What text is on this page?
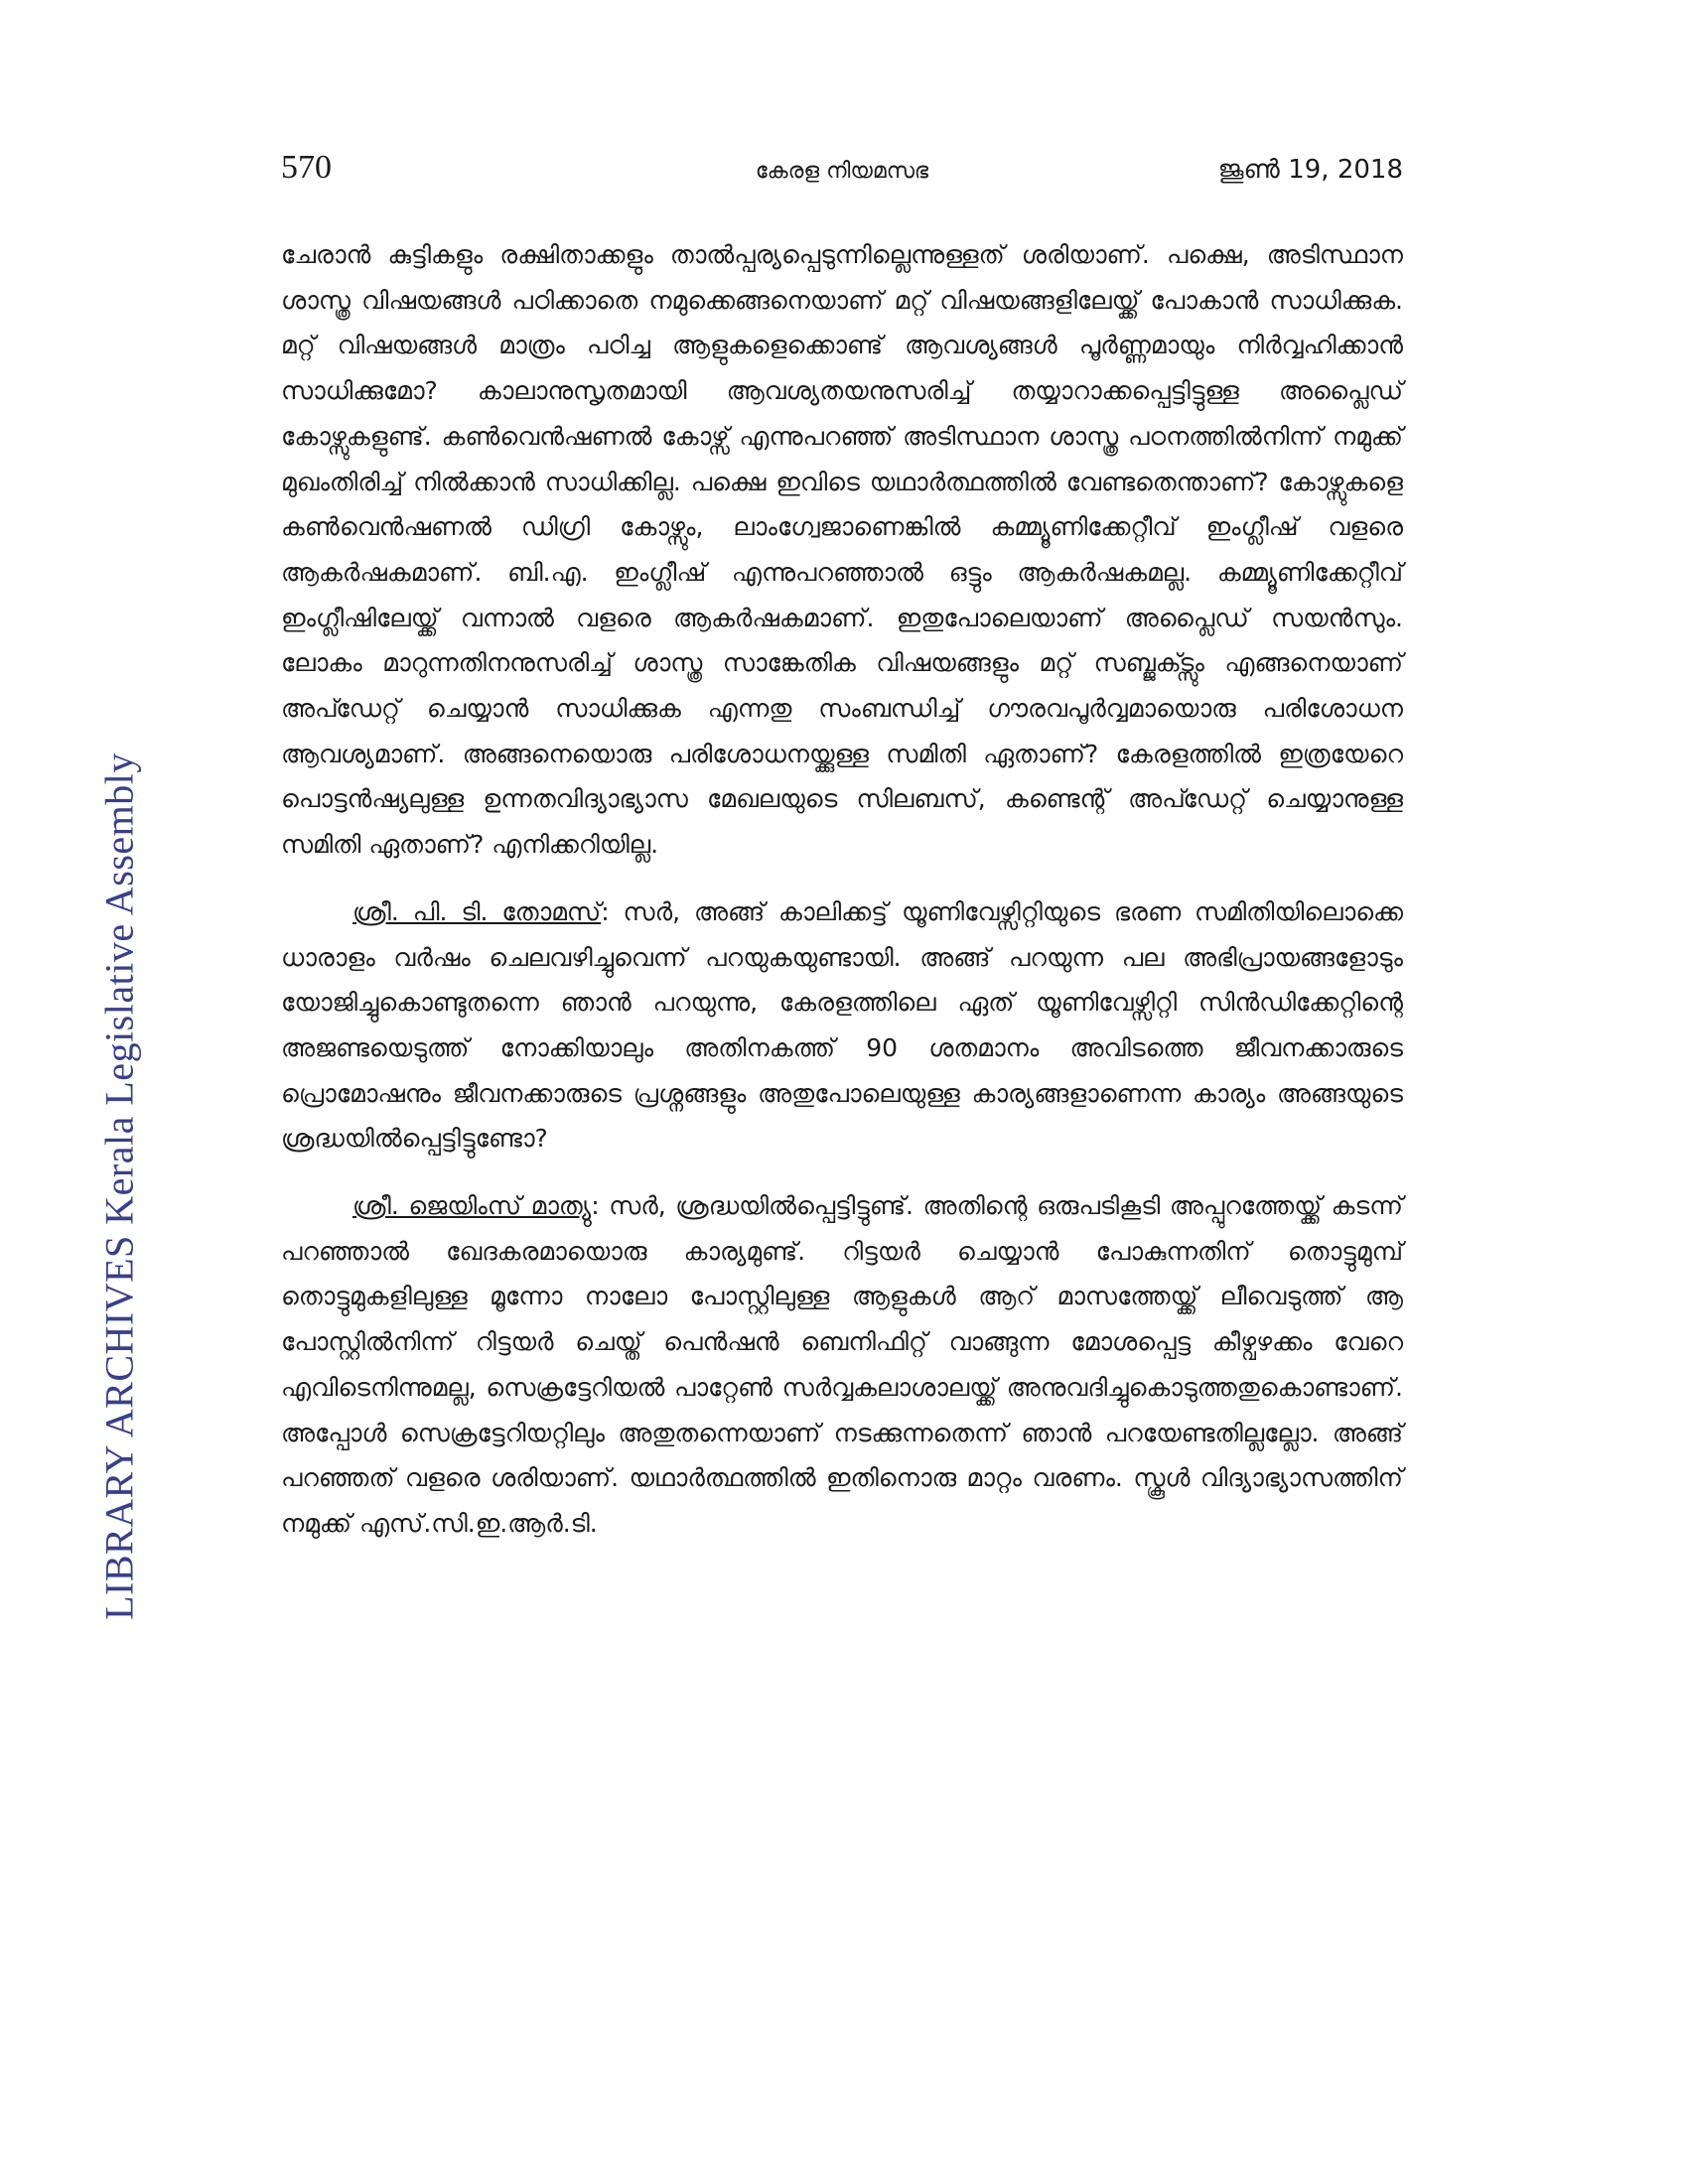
570	കേരള നിയമസഭ	ജൂൺ 19, 2018
LIBRARY ARCHIVES Kerala Legislative Assembly

ചേരാൻ കുട്ടികളും രക്ഷിതാക്കളും താൽപ്പര്യപ്പെടുന്നില്ലെന്നുള്ളത് ശരിയാണ്. പക്ഷെ, അടിസ്ഥാന ശാസ്ത്ര വിഷയങ്ങൾ പഠിക്കാതെ നമുക്കെങ്ങനെയാണ് മറ്റ് വിഷയങ്ങളിലേയ്ക്ക് പോകാൻ സാധിക്കുക. മറ്റ് വിഷയങ്ങൾ മാത്രം പഠിച്ച ആളുകളെക്കൊണ്ട് ആവശ്യങ്ങൾ പൂർണ്ണമായും നിർവ്വഹിക്കാൻ സാധിക്കുമോ? കാലാനുസൃതമായി ആവശ്യതയനുസരിച്ച് തയ്യാറാക്കപ്പെട്ടിട്ടുള്ള അപ്ലൈഡ് കോഴ്സുകളുണ്ട്. കൺവെൻഷണൽ കോഴ്സ് എന്നുപറഞ്ഞ് അടിസ്ഥാന ശാസ്ത്ര പഠനത്തിൽനിന്ന് നമുക്ക് മുഖംതിരിച്ച് നിൽക്കാൻ സാധിക്കില്ല. പക്ഷെ ഇവിടെ യഥാർത്ഥത്തിൽ വേണ്ടതെന്താണ്? കോഴ്സുകളെ കൺവെൻഷണൽ ഡിഗ്രി കോഴ്സും, ലാംഗ്വേജാണെങ്കിൽ കമ്മ്യൂണിക്കേറ്റീവ് ഇംഗ്ലീഷ് വളരെ ആകർഷകമാണ്. ബി.എ. ഇംഗ്ലീഷ് എന്നുപറഞ്ഞാൽ ഒട്ടും ആകർഷകമല്ല. കമ്മ്യൂണിക്കേറ്റീവ് ഇംഗ്ലീഷിലേയ്ക്ക് വന്നാൽ വളരെ ആകർഷകമാണ്. ഇതുപോലെയാണ് അപ്ലൈഡ് സയൻസും. ലോകം മാറുന്നതിനനുസരിച്ച് ശാസ്ത്ര സാങ്കേതിക വിഷയങ്ങളും മറ്റ് സബ്ജക്ട്സും എങ്ങനെയാണ് അപ്ഡേറ്റ് ചെയ്യാൻ സാധിക്കുക എന്നതു സംബന്ധിച്ച് ഗൗരവപൂർവ്വമായൊരു പരിശോധന ആവശ്യമാണ്. അങ്ങനെയൊരു പരിശോധനയ്ക്കുള്ള സമിതി ഏതാണ്? കേരളത്തിൽ ഇത്രയേറെ പൊട്ടൻഷ്യലുള്ള ഉന്നതവിദ്യാഭ്യാസ മേഖലയുടെ സിലബസ്, കണ്ടെന്റ് അപ്ഡേറ്റ് ചെയ്യാനുള്ള സമിതി ഏതാണ്? എനിക്കറിയില്ല.

ശ്രീ. പി. ടി. തോമസ്: സർ, അങ്ങ് കാലിക്കട്ട് യൂണിവേഴ്സിറ്റിയുടെ ഭരണ സമിതിയിലൊക്കെ ധാരാളം വർഷം ചെലവഴിച്ചുവെന്ന് പറയുകയുണ്ടായി. അങ്ങ് പറയുന്ന പല അഭിപ്രായങ്ങളോടും യോജിച്ചുകൊണ്ടുതന്നെ ഞാൻ പറയുന്നു, കേരളത്തിലെ ഏത് യൂണിവേഴ്സിറ്റി സിൻഡിക്കേറ്റിന്റെ അജണ്ടയെടുത്ത് നോക്കിയാലും അതിനകത്ത് 90 ശതമാനം അവിടത്തെ ജീവനക്കാരുടെ പ്രൊമോഷനും ജീവനക്കാരുടെ പ്രശ്നങ്ങളും അതുപോലെയുള്ള കാര്യങ്ങളാണെന്ന കാര്യം അങ്ങയുടെ ശ്രദ്ധയിൽപ്പെട്ടിട്ടുണ്ടോ?

ശ്രീ. ജെയിംസ് മാത്യു: സർ, ശ്രദ്ധയിൽപ്പെട്ടിട്ടുണ്ട്. അതിന്റെ ഒരുപടികൂടി അപ്പുറത്തേയ്ക്ക് കടന്ന് പറഞ്ഞാൽ ഖേദകരമായൊരു കാര്യമുണ്ട്. റിട്ടയർ ചെയ്യാൻ പോകുന്നതിന് തൊട്ടുമുമ്പ് തൊട്ടുമുകളിലുള്ള മൂന്നോ നാലോ പോസ്റ്റിലുള്ള ആളുകൾ ആറ് മാസത്തേയ്ക്ക് ലീവെടുത്ത് ആ പോസ്റ്റിൽനിന്ന് റിട്ടയർ ചെയ്ത് പെൻഷൻ ബെനിഫിറ്റ് വാങ്ങുന്ന മോശപ്പെട്ട കീഴ്വഴക്കം വേറെ എവിടെനിന്നുമല്ല, സെക്രട്ടേറിയൽ പാറ്റേൺ സർവ്വകലാശാലയ്ക്ക് അനുവദിച്ചുകൊടുത്തതുകൊണ്ടാണ്. അപ്പോൾ സെക്രട്ടേറിയറ്റിലും അതുതന്നെയാണ് നടക്കുന്നതെന്ന് ഞാൻ പറയേണ്ടതില്ലല്ലോ. അങ്ങ് പറഞ്ഞത് വളരെ ശരിയാണ്. യഥാർത്ഥത്തിൽ ഇതിനൊരു മാറ്റം വരണം. സ്കൂൾ വിദ്യാഭ്യാസത്തിന് നമുക്ക് എസ്.സി.ഇ.ആർ.ടി.
